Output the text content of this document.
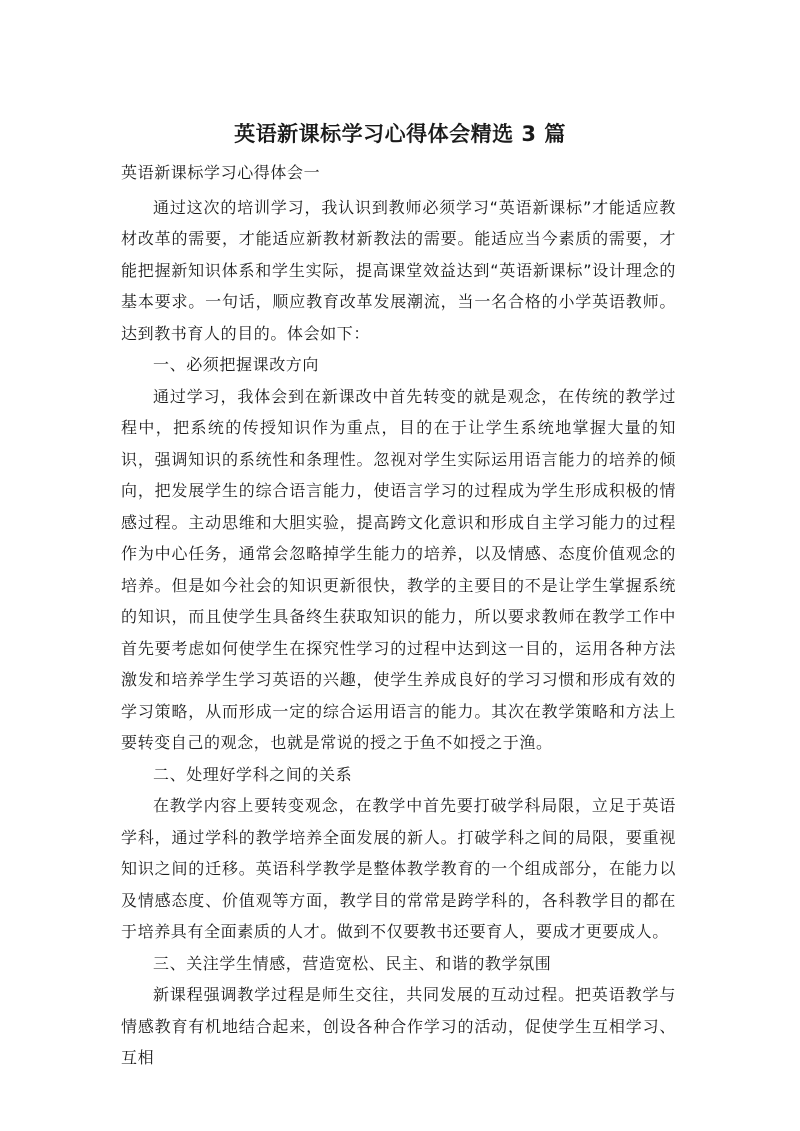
英语新课标学习心得体会精选 3 篇

英语新课标学习心得体会一

通过这次的培训学习，我认识到教师必须学习“英语新课标”才能适应教材改革的需要，才能适应新教材新教法的需要。能适应当今素质的需要，才能把握新知识体系和学生实际，提高课堂效益达到“英语新课标”设计理念的基本要求。一句话，顺应教育改革发展潮流，当一名合格的小学英语教师。达到教书育人的目的。体会如下：

一、必须把握课改方向

通过学习，我体会到在新课改中首先转变的就是观念，在传统的教学过程中，把系统的传授知识作为重点，目的在于让学生系统地掌握大量的知识，强调知识的系统性和条理性。忽视对学生实际运用语言能力的培养的倾向，把发展学生的综合语言能力，使语言学习的过程成为学生形成积极的情感过程。主动思维和大胆实验，提高跨文化意识和形成自主学习能力的过程作为中心任务，通常会忽略掉学生能力的培养，以及情感、态度价值观念的培养。但是如今社会的知识更新很快，教学的主要目的不是让学生掌握系统的知识，而且使学生具备终生获取知识的能力，所以要求教师在教学工作中首先要考虑如何使学生在探究性学习的过程中达到这一目的，运用各种方法激发和培养学生学习英语的兴趣，使学生养成良好的学习习惯和形成有效的学习策略，从而形成一定的综合运用语言的能力。其次在教学策略和方法上要转变自己的观念，也就是常说的授之于鱼不如授之于渔。

二、处理好学科之间的关系

在教学内容上要转变观念，在教学中首先要打破学科局限，立足于英语学科，通过学科的教学培养全面发展的新人。打破学科之间的局限，要重视知识之间的迁移。英语科学教学是整体教学教育的一个组成部分，在能力以及情感态度、价值观等方面，教学目的常常是跨学科的，各科教学目的都在于培养具有全面素质的人才。做到不仅要教书还要育人，要成才更要成人。

三、关注学生情感，营造宽松、民主、和谐的教学氛围

新课程强调教学过程是师生交往，共同发展的互动过程。把英语教学与情感教育有机地结合起来，创设各种合作学习的活动，促使学生互相学习、互相
